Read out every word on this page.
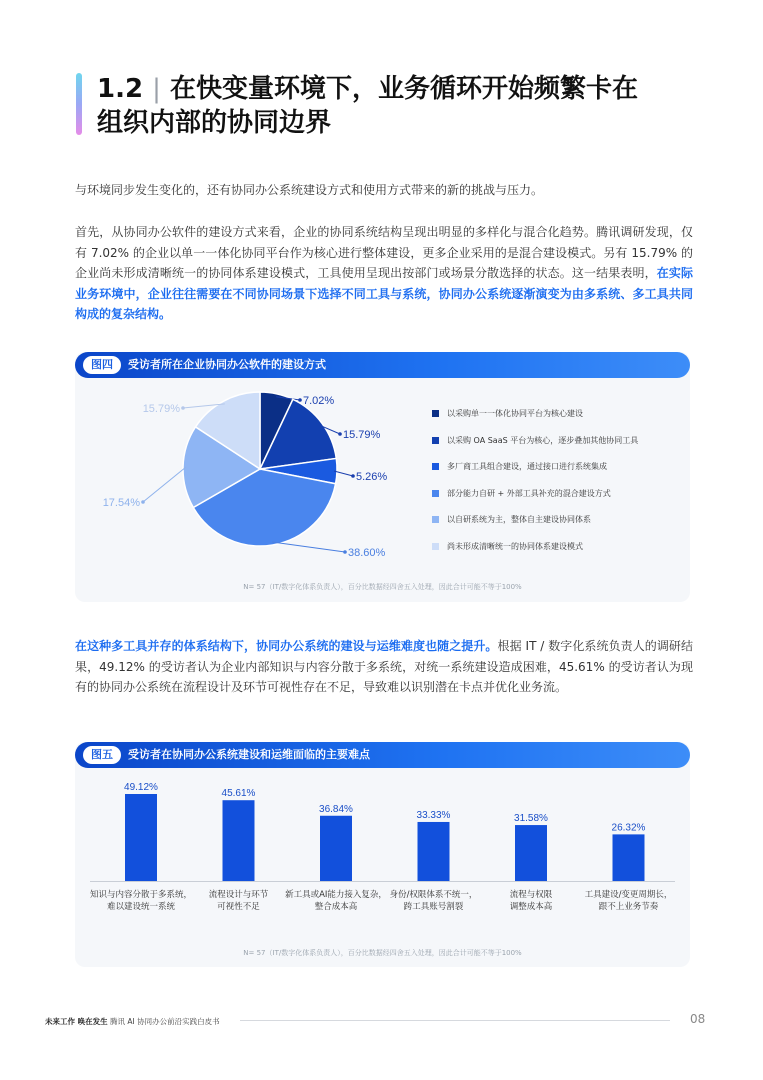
1.2 | 在快变量环境下，业务循环开始频繁卡在
组织内部的协同边界

与环境同步发生变化的，还有协同办公系统建设方式和使用方式带来的新的挑战与压力。

首先，从协同办公软件的建设方式来看，企业的协同系统结构呈现出明显的多样化与混合化趋势。腾讯调研发现，仅有 7.02% 的企业以单一一体化协同平台作为核心进行整体建设，更多企业采用的是混合建设模式。另有 15.79% 的企业尚未形成清晰统一的协同体系建设模式，工具使用呈现出按部门或场景分散选择的状态。这一结果表明，在实际业务环境中，企业往往需要在不同协同场景下选择不同工具与系统，协同办公系统逐渐演变为由多系统、多工具共同构成的复杂结构。

图四	受访者所在企业协同办公软件的建设方式
7.02%
15.79%
5.26%
38.60%
17.54%
15.79%	以采购单一一体化协同平台为核心建设
以采购 OA SaaS 平台为核心，逐步叠加其他协同工具
多厂商工具组合建设，通过接口进行系统集成
部分能力自研 + 外部工具补充的混合建设方式
以自研系统为主，整体自主建设协同体系
尚未形成清晰统一的协同体系建设模式
N= 57（IT/数字化体系负责人），百分比数据经四舍五入处理，因此合计可能不等于100%

在这种多工具并存的体系结构下，协同办公系统的建设与运维难度也随之提升。根据 IT / 数字化系统负责人的调研结果，49.12% 的受访者认为企业内部知识与内容分散于多系统，对统一系统建设造成困难，45.61% 的受访者认为现有的协同办公系统在流程设计及环节可视性存在不足，导致难以识别潜在卡点并优化业务流。

图五	受访者在协同办公系统建设和运维面临的主要难点
49.12%
知识与内容分散于多系统，
难以建设统一系统
45.61%
流程设计与环节
可视性不足
36.84%
新工具或AI能力接入复杂，
整合成本高
33.33%
身份/权限体系不统一，
跨工具账号割裂
31.58%
流程与权限
调整成本高
26.32%
工具建设/变更周期长，
跟不上业务节奏
N= 57（IT/数字化体系负责人），百分比数据经四舍五入处理，因此合计可能不等于100%
未来工作 唤在发生 腾讯 AI 协同办公前沿实践白皮书	08
